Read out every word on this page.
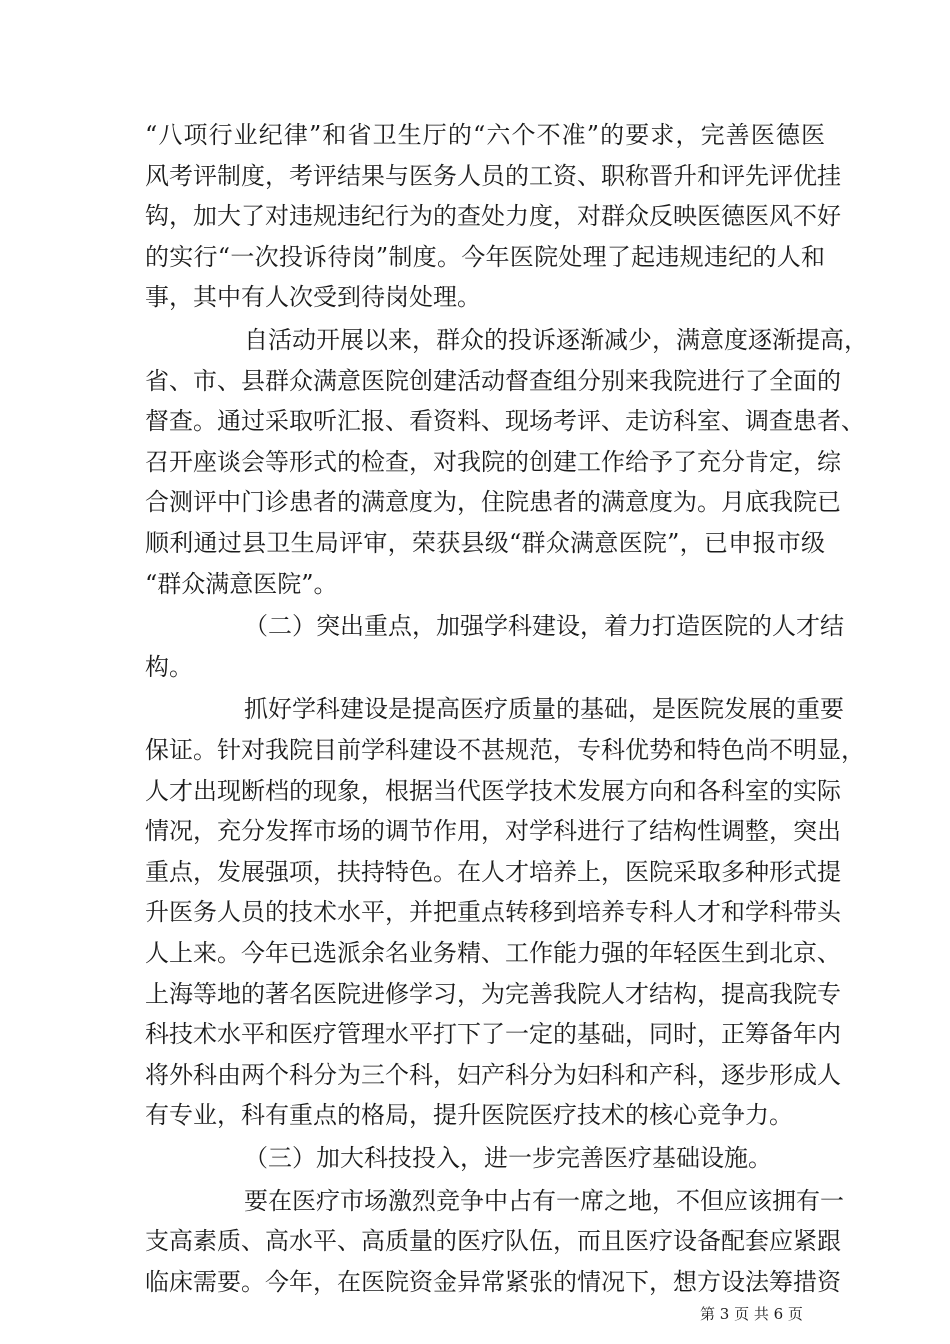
“八项行业纪律”和省卫生厅的“六个不准”的要求，完善医德医
风考评制度，考评结果与医务人员的工资、职称晋升和评先评优挂
钩，加大了对违规违纪行为的查处力度，对群众反映医德医风不好
的实行“一次投诉待岗”制度。今年医院处理了起违规违纪的人和
事，其中有人次受到待岗处理。
自活动开展以来，群众的投诉逐渐减少，满意度逐渐提高，
省、市、县群众满意医院创建活动督查组分别来我院进行了全面的
督查。通过采取听汇报、看资料、现场考评、走访科室、调查患者、
召开座谈会等形式的检查，对我院的创建工作给予了充分肯定，综
合测评中门诊患者的满意度为，住院患者的满意度为。月底我院已
顺利通过县卫生局评审，荣获县级“群众满意医院”，已申报市级
“群众满意医院”。
（二）突出重点，加强学科建设，着力打造医院的人才结
构。
抓好学科建设是提高医疗质量的基础，是医院发展的重要
保证。针对我院目前学科建设不甚规范，专科优势和特色尚不明显，
人才出现断档的现象，根据当代医学技术发展方向和各科室的实际
情况，充分发挥市场的调节作用，对学科进行了结构性调整，突出
重点，发展强项，扶持特色。在人才培养上，医院采取多种形式提
升医务人员的技术水平，并把重点转移到培养专科人才和学科带头
人上来。今年已选派余名业务精、工作能力强的年轻医生到北京、
上海等地的著名医院进修学习，为完善我院人才结构，提高我院专
科技术水平和医疗管理水平打下了一定的基础，同时，正筹备年内
将外科由两个科分为三个科，妇产科分为妇科和产科，逐步形成人
有专业，科有重点的格局，提升医院医疗技术的核心竞争力。
（三）加大科技投入，进一步完善医疗基础设施。
要在医疗市场激烈竞争中占有一席之地，不但应该拥有一
支高素质、高水平、高质量的医疗队伍，而且医疗设备配套应紧跟
临床需要。今年，在医院资金异常紧张的情况下，想方设法筹措资
第 3 页 共 6 页
